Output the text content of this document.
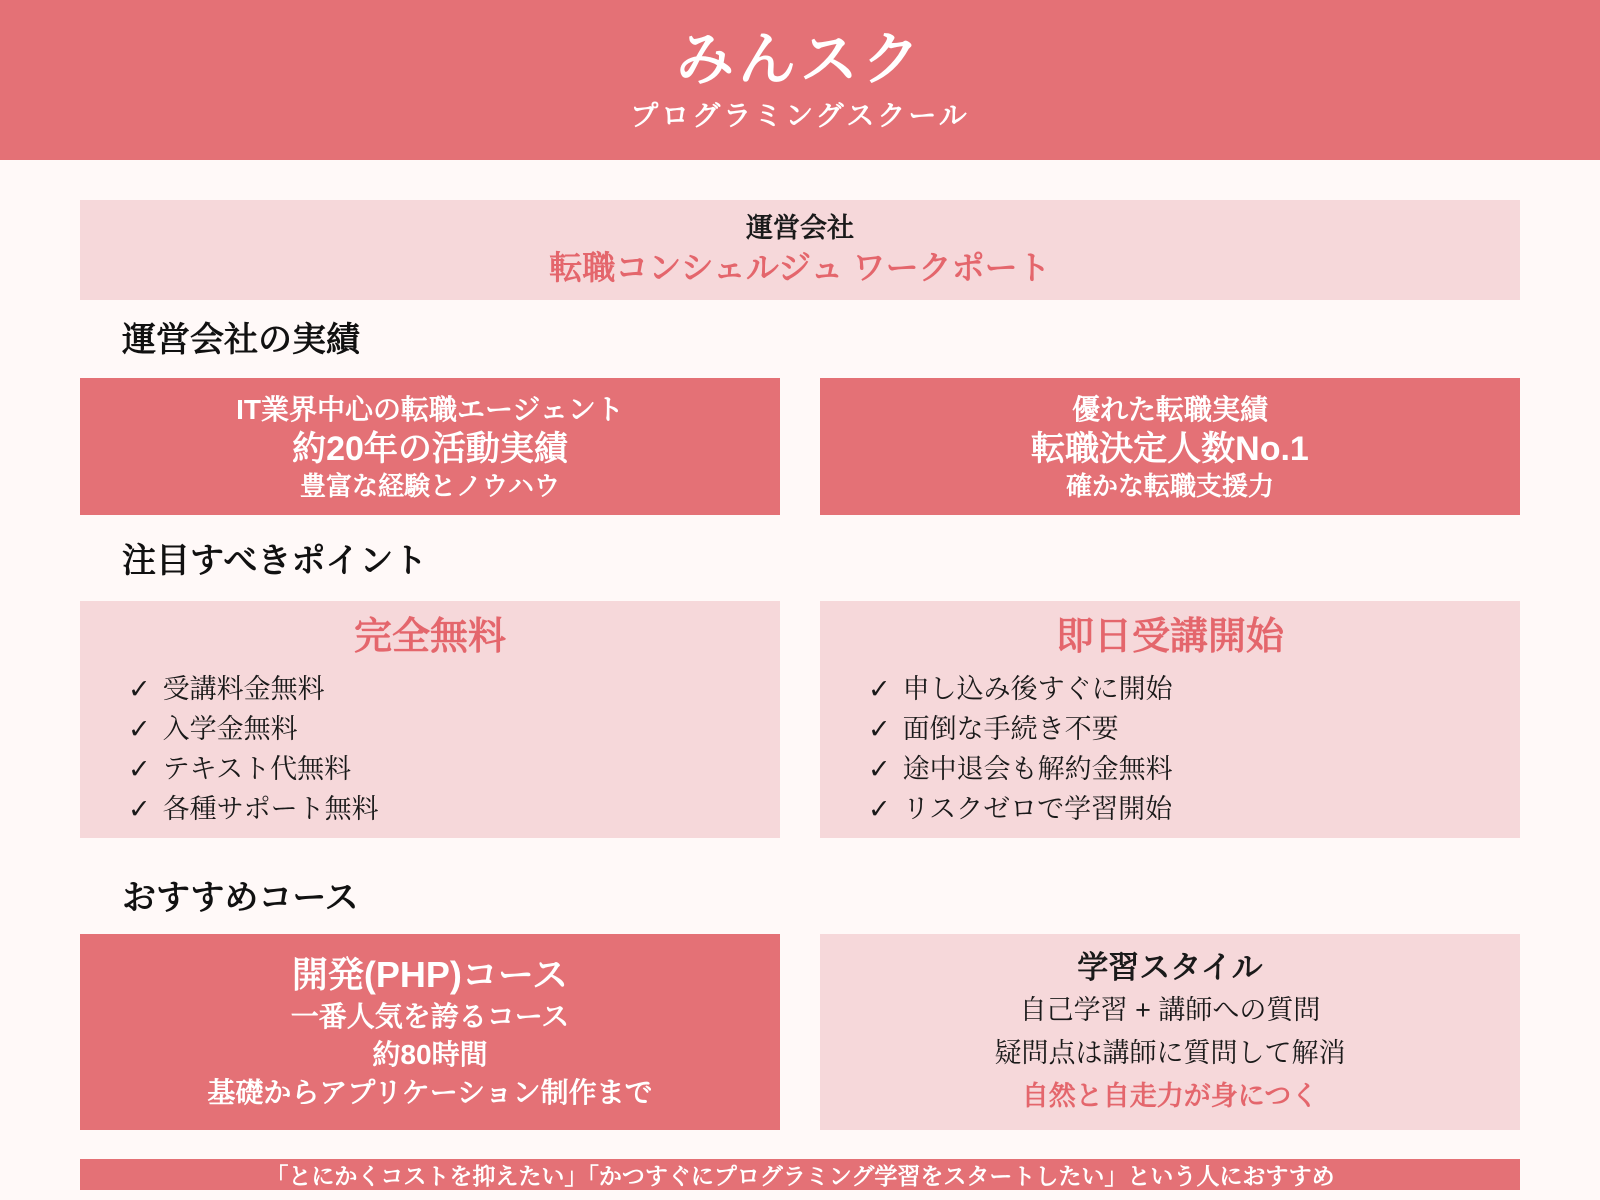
みんスク
プログラミングスクール
運営会社
転職コンシェルジュ ワークポート
運営会社の実績
IT業界中心の転職エージェント
約20年の活動実績
豊富な経験とノウハウ
優れた転職実績
転職決定人数No.1
確かな転職支援力
注目すべきポイント
完全無料
✓ 受講料金無料
✓ 入学金無料
✓ テキスト代無料
✓ 各種サポート無料
即日受講開始
✓ 申し込み後すぐに開始
✓ 面倒な手続き不要
✓ 途中退会も解約金無料
✓ リスクゼロで学習開始
おすすめコース
開発(PHP)コース
一番人気を誇るコース
約80時間
基礎からアプリケーション制作まで
学習スタイル
自己学習 + 講師への質問
疑問点は講師に質問して解消
自然と自走力が身につく
「とにかくコストを抑えたい」「かつすぐにプログラミング学習をスタートしたい」という人におすすめ
